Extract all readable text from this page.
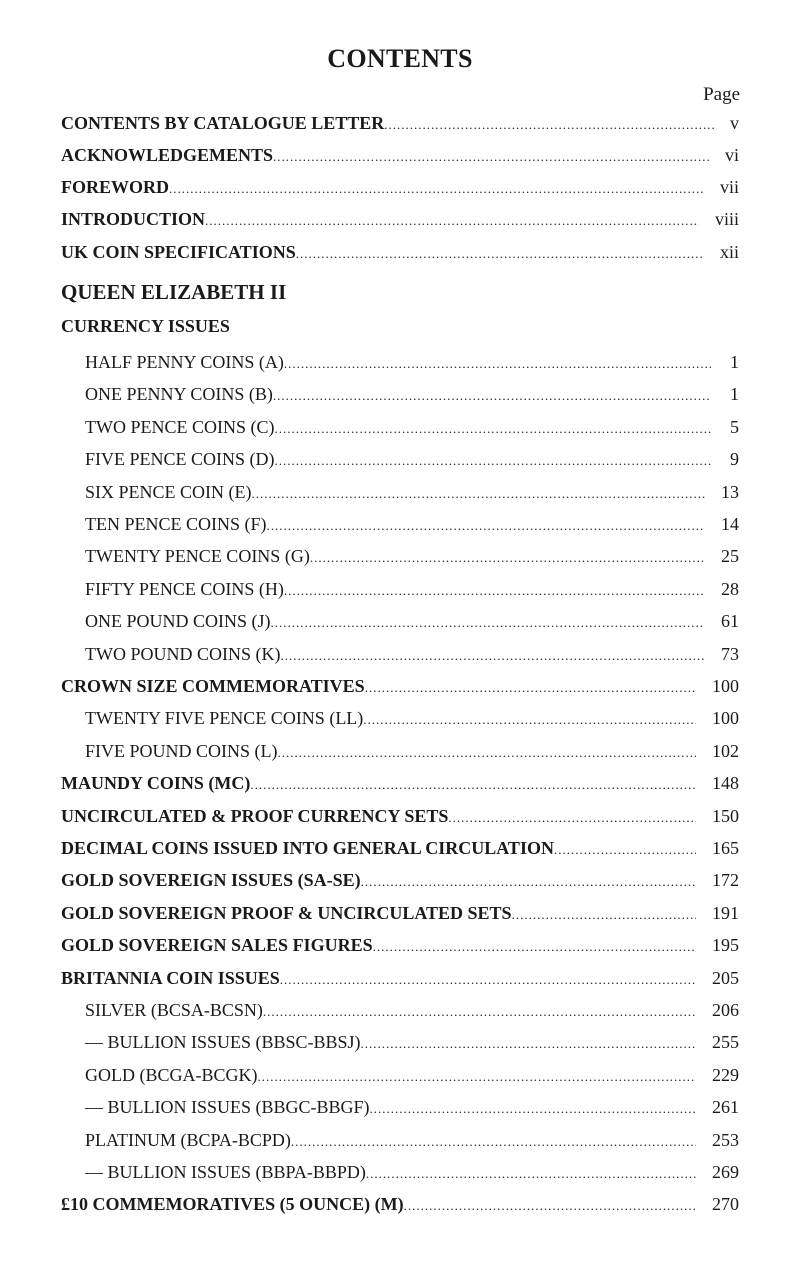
CONTENTS
Page
QUEEN ELIZABETH II
CURRENCY ISSUES
CONTENTS BY CATALOGUE LETTER .....	v
ACKNOWLEDGEMENTS .....	vi
FOREWORD .....	vii
INTRODUCTION .....	viii
UK COIN SPECIFICATIONS .....	xii
HALF PENNY COINS (A) .....	1
ONE PENNY COINS (B) .....	1
TWO PENCE COINS (C) .....	5
FIVE PENCE COINS (D) .....	9
SIX PENCE COIN (E) .....	13
TEN PENCE COINS (F) .....	14
TWENTY PENCE COINS (G) .....	25
FIFTY PENCE COINS (H) .....	28
ONE POUND COINS (J) .....	61
TWO POUND COINS (K) .....	73
CROWN SIZE COMMEMORATIVES .....	100
TWENTY FIVE PENCE COINS (LL) .....	100
FIVE POUND COINS (L) .....	102
MAUNDY COINS (MC) .....	148
UNCIRCULATED & PROOF CURRENCY SETS .....	150
DECIMAL COINS ISSUED INTO GENERAL CIRCULATION .....	165
GOLD SOVEREIGN ISSUES (SA-SE) .....	172
GOLD SOVEREIGN PROOF & UNCIRCULATED SETS .....	191
GOLD SOVEREIGN SALES FIGURES .....	195
BRITANNIA COIN ISSUES .....	205
SILVER (BCSA-BCSN) .....	206
— BULLION ISSUES (BBSC-BBSJ) .....	255
GOLD (BCGA-BCGK) .....	229
— BULLION ISSUES (BBGC-BBGF) .....	261
PLATINUM (BCPA-BCPD) .....	253
— BULLION ISSUES (BBPA-BBPD) .....	269
£10 COMMEMORATIVES (5 OUNCE) (M) .....	270
